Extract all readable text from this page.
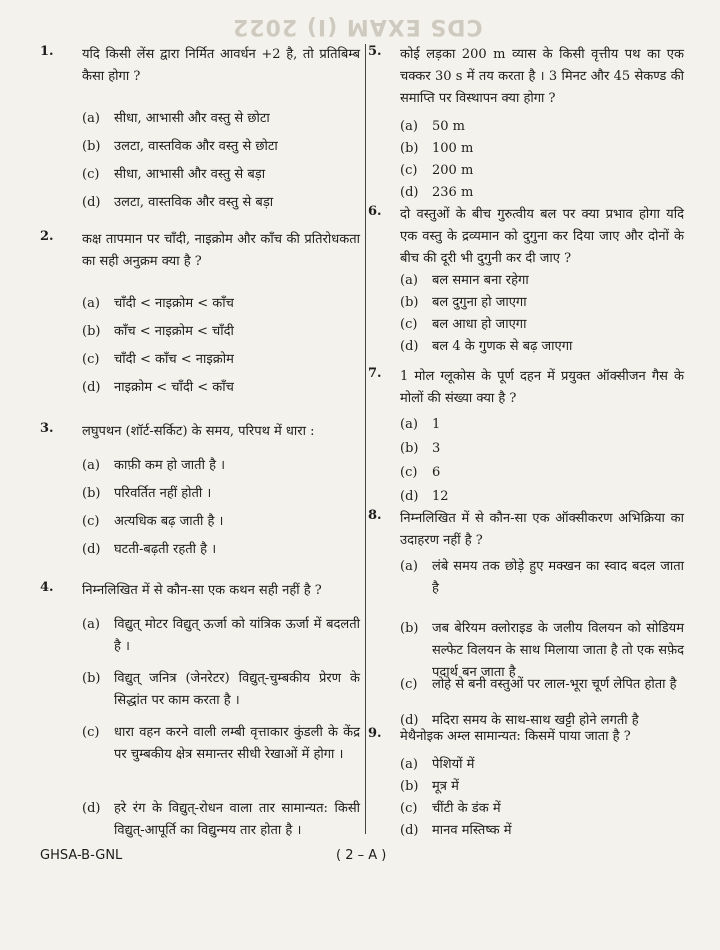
CDS EXAM (I) 2022
1. यदि किसी लेंस द्वारा निर्मित आवर्धन +2 है, तो प्रतिबिम्ब कैसा होगा ?
(a)	सीधा, आभासी और वस्तु से छोटा
(b)	उलटा, वास्तविक और वस्तु से छोटा
(c)	सीधा, आभासी और वस्तु से बड़ा
(d)	उलटा, वास्तविक और वस्तु से बड़ा
2. कक्ष तापमान पर चाँदी, नाइक्रोम और काँच की प्रतिरोधकता का सही अनुक्रम क्या है ?
(a)	चाँदी < नाइक्रोम < काँच
(b)	काँच < नाइक्रोम < चाँदी
(c)	चाँदी < काँच < नाइक्रोम
(d)	नाइक्रोम < चाँदी < काँच
3. लघुपथन (शॉर्ट-सर्किट) के समय, परिपथ में धारा :
(a)	काफ़ी कम हो जाती है ।
(b)	परिवर्तित नहीं होती ।
(c)	अत्यधिक बढ़ जाती है ।
(d)	घटती-बढ़ती रहती है ।
4. निम्नलिखित में से कौन-सा एक कथन सही नहीं है ?
(a)	विद्युत् मोटर विद्युत् ऊर्जा को यांत्रिक ऊर्जा में बदलती है ।
(b)	विद्युत् जनित्र (जेनरेटर) विद्युत्-चुम्बकीय प्रेरण के सिद्धांत पर काम करता है ।
(c)	धारा वहन करने वाली लम्बी वृत्ताकार कुंडली के केंद्र पर चुम्बकीय क्षेत्र समान्तर सीधी रेखाओं में होगा ।
(d)	हरे रंग के विद्युत्-रोधन वाला तार सामान्यत: किसी विद्युत्-आपूर्ति का विद्युन्मय तार होता है ।
5. कोई लड़का 200 m व्यास के किसी वृत्तीय पथ का एक चक्कर 30 s में तय करता है । 3 मिनट और 45 सेकण्ड की समाप्ति पर विस्थापन क्या होगा ?
(a)	50 m
(b)	100 m
(c)	200 m
(d)	236 m
6. दो वस्तुओं के बीच गुरुत्वीय बल पर क्या प्रभाव होगा यदि एक वस्तु के द्रव्यमान को दुगुना कर दिया जाए और दोनों के बीच की दूरी भी दुगुनी कर दी जाए ?
(a)	बल समान बना रहेगा
(b)	बल दुगुना हो जाएगा
(c)	बल आधा हो जाएगा
(d)	बल 4 के गुणक से बढ़ जाएगा
7. 1 मोल ग्लूकोस के पूर्ण दहन में प्रयुक्त ऑक्सीजन गैस के मोलों की संख्या क्या है ?
(a)	1
(b)	3
(c)	6
(d)	12
8. निम्नलिखित में से कौन-सा एक ऑक्सीकरण अभिक्रिया का उदाहरण नहीं है ?
(a)	लंबे समय तक छोड़े हुए मक्खन का स्वाद बदल जाता है
(b)	जब बेरियम क्लोराइड के जलीय विलयन को सोडियम सल्फेट विलयन के साथ मिलाया जाता है तो एक सफ़ेद पदार्थ बन जाता है
(c)	लोहे से बनी वस्तुओं पर लाल-भूरा चूर्ण लेपित होता है
(d)	मदिरा समय के साथ-साथ खट्टी होने लगती है
9. मेथैनोइक अम्ल सामान्यत: किसमें पाया जाता है ?
(a)	पेशियों में
(b)	मूत्र में
(c)	चींटी के डंक में
(d)	मानव मस्तिष्क में
GHSA-B-GNL	( 2 – A )
